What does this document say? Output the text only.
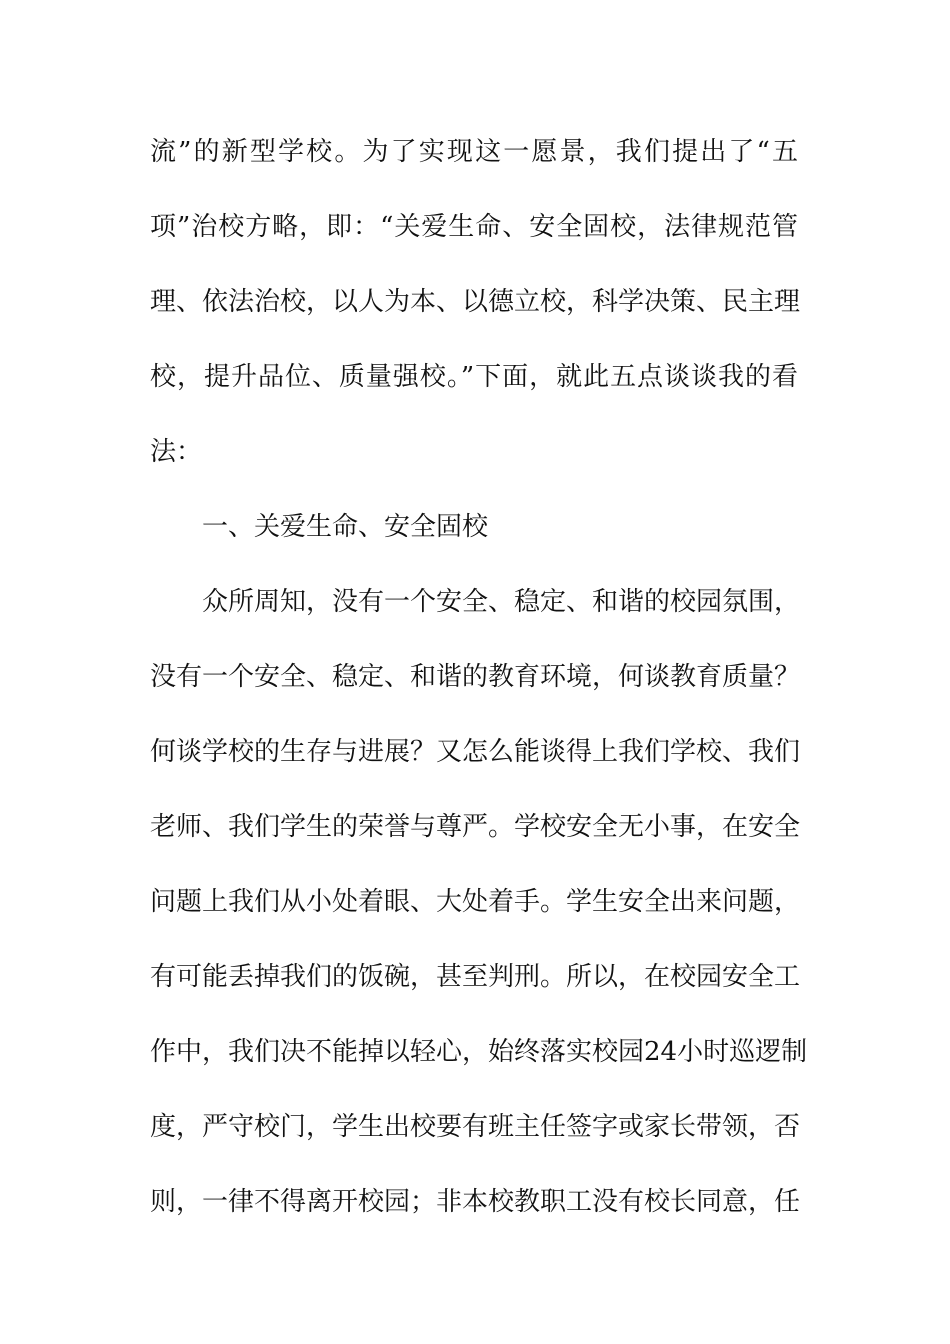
流”的新型学校。为了实现这一愿景，我们提出了“五
项”治校方略，即：“关爱生命、安全固校，法律规范管
理、依法治校，以人为本、以德立校，科学决策、民主理
校，提升品位、质量强校。”下面，就此五点谈谈我的看
法：
一、关爱生命、安全固校
众所周知，没有一个安全、稳定、和谐的校园氛围，
没有一个安全、稳定、和谐的教育环境，何谈教育质量？
何谈学校的生存与进展？又怎么能谈得上我们学校、我们
老师、我们学生的荣誉与尊严。学校安全无小事，在安全
问题上我们从小处着眼、大处着手。学生安全出来问题，
有可能丢掉我们的饭碗，甚至判刑。所以，在校园安全工
作中，我们决不能掉以轻心，始终落实校园24小时巡逻制
度，严守校门，学生出校要有班主任签字或家长带领，否
则，一律不得离开校园；非本校教职工没有校长同意，任
